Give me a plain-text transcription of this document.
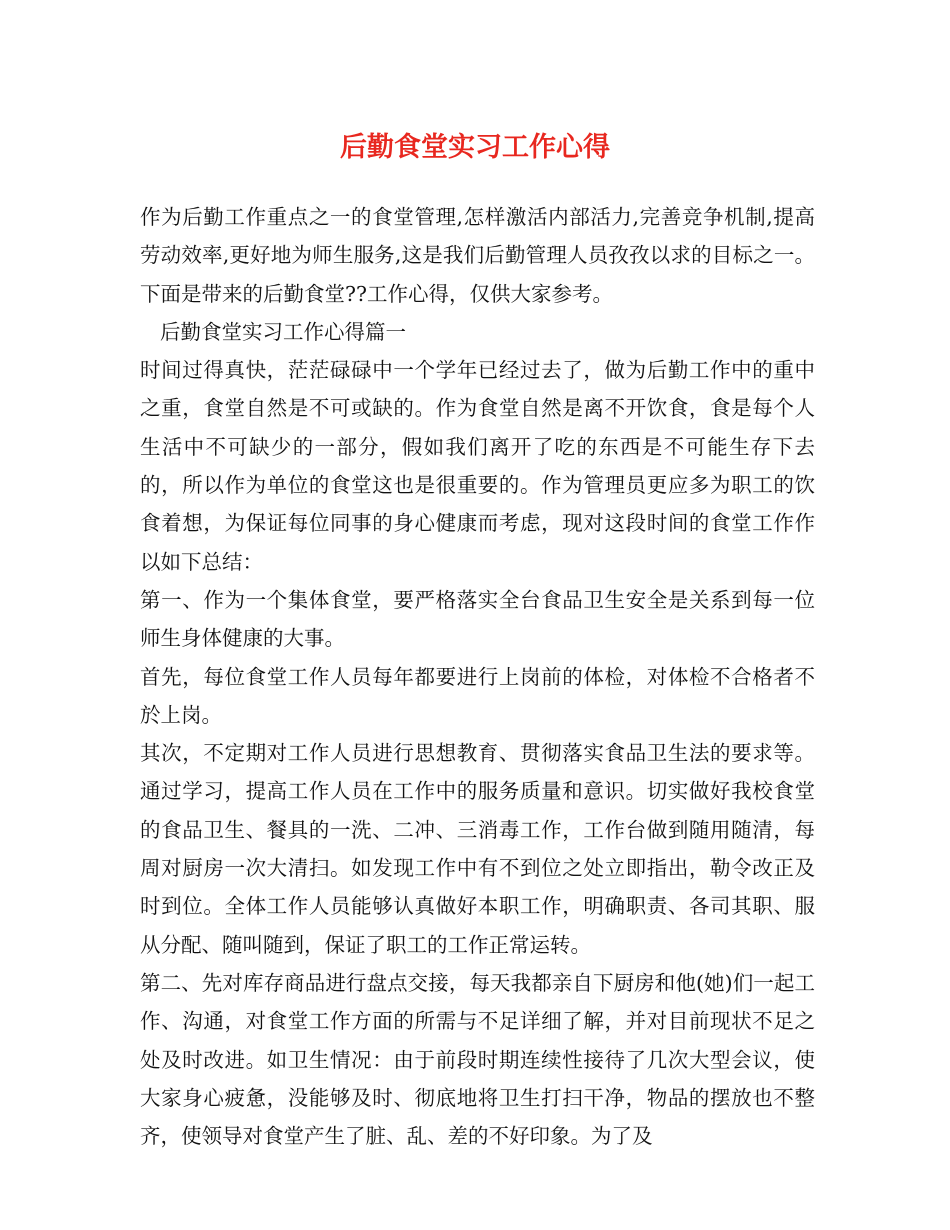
后勤食堂实习工作心得

作为后勤工作重点之一的食堂管理,怎样激活内部活力,完善竞争机制,提高劳动效率,更好地为师生服务,这是我们后勤管理人员孜孜以求的目标之一。下面是带来的后勤食堂??工作心得，仅供大家参考。

后勤食堂实习工作心得篇一

时间过得真快，茫茫碌碌中一个学年已经过去了，做为后勤工作中的重中之重，食堂自然是不可或缺的。作为食堂自然是离不开饮食，食是每个人生活中不可缺少的一部分，假如我们离开了吃的东西是不可能生存下去的，所以作为单位的食堂这也是很重要的。作为管理员更应多为职工的饮食着想，为保证每位同事的身心健康而考虑，现对这段时间的食堂工作作以如下总结：

第一、作为一个集体食堂，要严格落实全台食品卫生安全是关系到每一位师生身体健康的大事。

首先，每位食堂工作人员每年都要进行上岗前的体检，对体检不合格者不於上岗。

其次，不定期对工作人员进行思想教育、贯彻落实食品卫生法的要求等。通过学习，提高工作人员在工作中的服务质量和意识。切实做好我校食堂的食品卫生、餐具的一洗、二冲、三消毒工作，工作台做到随用随清，每周对厨房一次大清扫。如发现工作中有不到位之处立即指出，勒令改正及时到位。全体工作人员能够认真做好本职工作，明确职责、各司其职、服从分配、随叫随到，保证了职工的工作正常运转。

第二、先对库存商品进行盘点交接，每天我都亲自下厨房和他(她)们一起工作、沟通，对食堂工作方面的所需与不足详细了解，并对目前现状不足之处及时改进。如卫生情况：由于前段时期连续性接待了几次大型会议，使大家身心疲惫，没能够及时、彻底地将卫生打扫干净，物品的摆放也不整齐，使领导对食堂产生了脏、乱、差的不好印象。为了及
